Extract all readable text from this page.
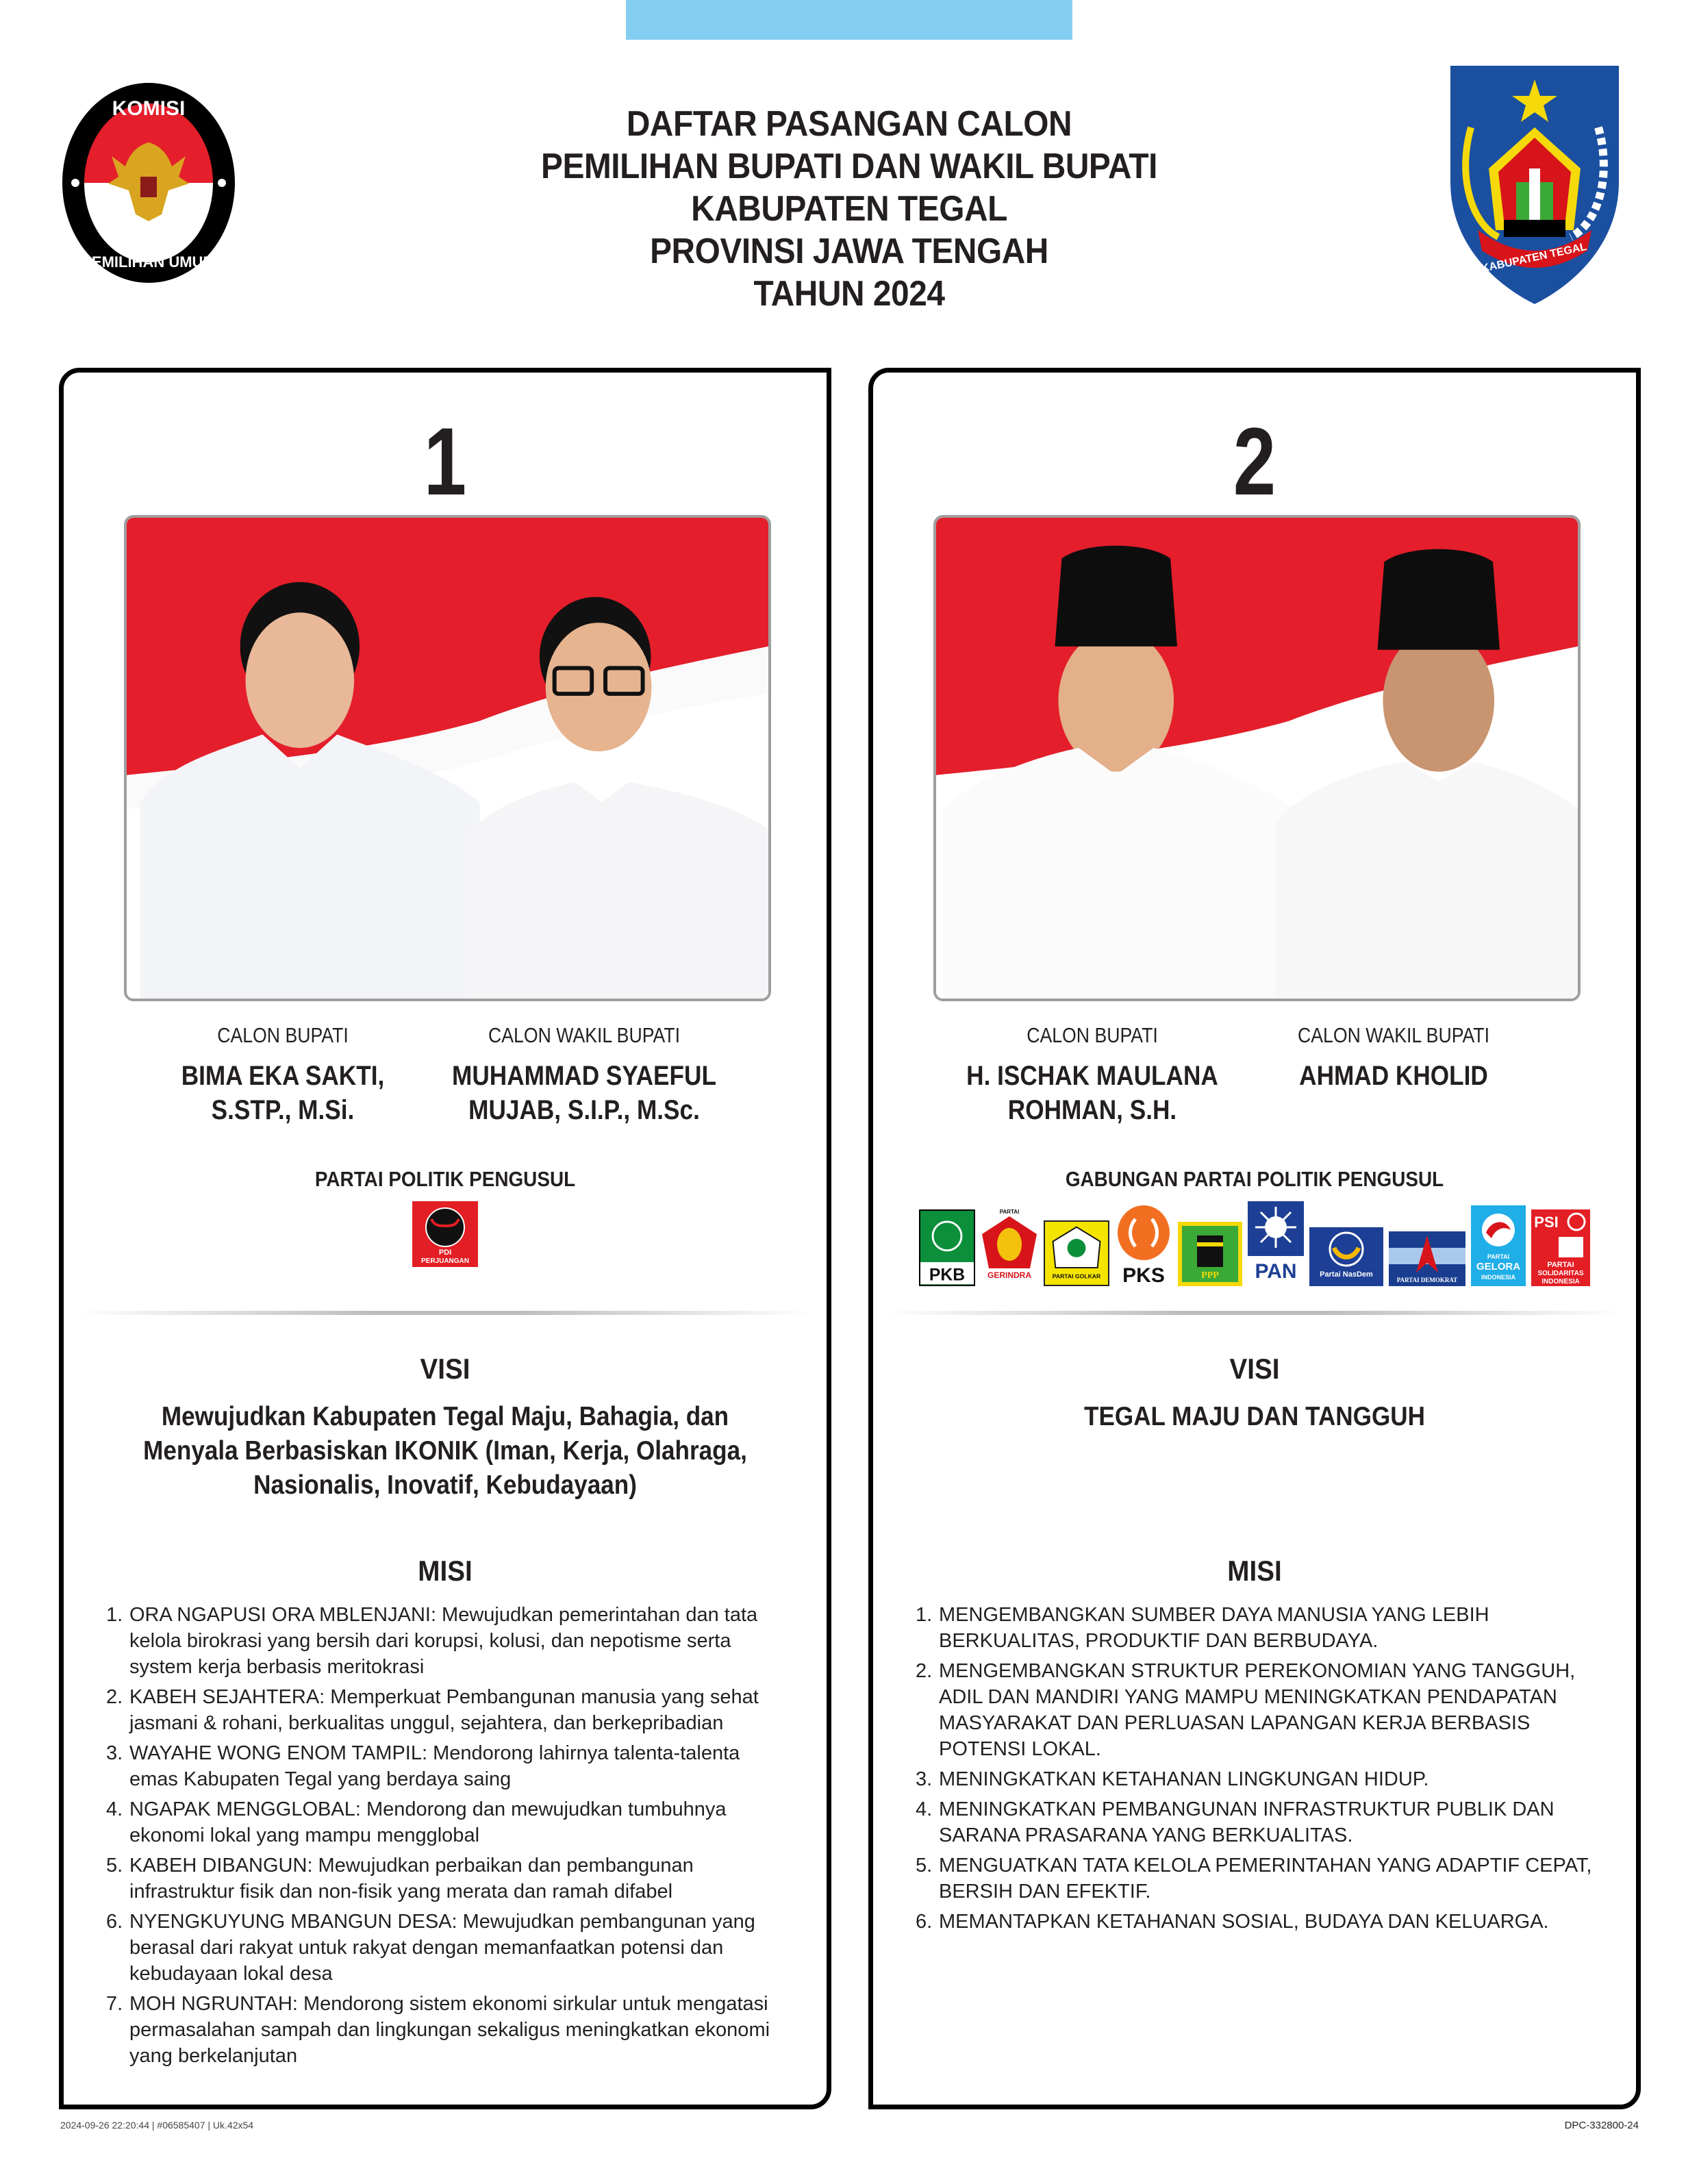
KOMISI
PEMILIHAN UMUM	KABUPATEN TEGAL
DAFTAR PASANGAN CALON
PEMILIHAN BUPATI DAN WAKIL BUPATI
KABUPATEN TEGAL
PROVINSI JAWA TENGAH
TAHUN 2024
1
CALON BUPATI
BIMA EKA SAKTI, S.STP., M.Si.
CALON WAKIL BUPATI
MUHAMMAD SYAEFUL MUJAB, S.I.P., M.Sc.
PARTAI POLITIK PENGUSUL
PDI
PERJUANGAN
VISI
Mewujudkan Kabupaten Tegal Maju, Bahagia, dan Menyala Berbasiskan IKONIK (Iman, Kerja, Olahraga, Nasionalis, Inovatif, Kebudayaan)
MISI
1. ORA NGAPUSI ORA MBLENJANI: Mewujudkan pemerintahan dan tata kelola birokrasi yang bersih dari korupsi, kolusi, dan nepotisme serta system kerja berbasis meritokrasi
2. KABEH SEJAHTERA: Memperkuat Pembangunan manusia yang sehat jasmani & rohani, berkualitas unggul, sejahtera, dan berkepribadian
3. WAYAHE WONG ENOM TAMPIL: Mendorong lahirnya talenta-talenta emas Kabupaten Tegal yang berdaya saing
4. NGAPAK MENGGLOBAL: Mendorong dan mewujudkan tumbuhnya ekonomi lokal yang mampu mengglobal
5. KABEH DIBANGUN: Mewujudkan perbaikan dan pembangunan infrastruktur fisik dan non-fisik yang merata dan ramah difabel
6. NYENGKUYUNG MBANGUN DESA: Mewujudkan pembangunan yang berasal dari rakyat untuk rakyat dengan memanfaatkan potensi dan kebudayaan lokal desa
7. MOH NGRUNTAH: Mendorong sistem ekonomi sirkular untuk mengatasi permasalahan sampah dan lingkungan sekaligus meningkatkan ekonomi yang berkelanjutan
2
CALON BUPATI
H. ISCHAK MAULANA ROHMAN, S.H.
CALON WAKIL BUPATI
AHMAD KHOLID
GABUNGAN PARTAI POLITIK PENGUSUL
PKB
PARTAI
GERINDRA	PARTAI GOLKAR PKS	PPP PAN	Partai NasDem
PARTAI DEMOKRAT
PARTAI
GELORA
INDONESIA
PSI
PARTAI
SOLIDARITAS
INDONESIA
VISI
TEGAL MAJU DAN TANGGUH
MISI
1. MENGEMBANGKAN SUMBER DAYA MANUSIA YANG LEBIH BERKUALITAS, PRODUKTIF DAN BERBUDAYA.
2. MENGEMBANGKAN STRUKTUR PEREKONOMIAN YANG TANGGUH, ADIL DAN MANDIRI YANG MAMPU MENINGKATKAN PENDAPATAN MASYARAKAT DAN PERLUASAN LAPANGAN KERJA BERBASIS POTENSI LOKAL.
3. MENINGKATKAN KETAHANAN LINGKUNGAN HIDUP.
4. MENINGKATKAN PEMBANGUNAN INFRASTRUKTUR PUBLIK DAN SARANA PRASARANA YANG BERKUALITAS.
5. MENGUATKAN TATA KELOLA PEMERINTAHAN YANG ADAPTIF CEPAT, BERSIH DAN EFEKTIF.
6. MEMANTAPKAN KETAHANAN SOSIAL, BUDAYA DAN KELUARGA.
2024-09-26 22:20:44 | #06585407 | Uk.42x54	DPC-332800-24
